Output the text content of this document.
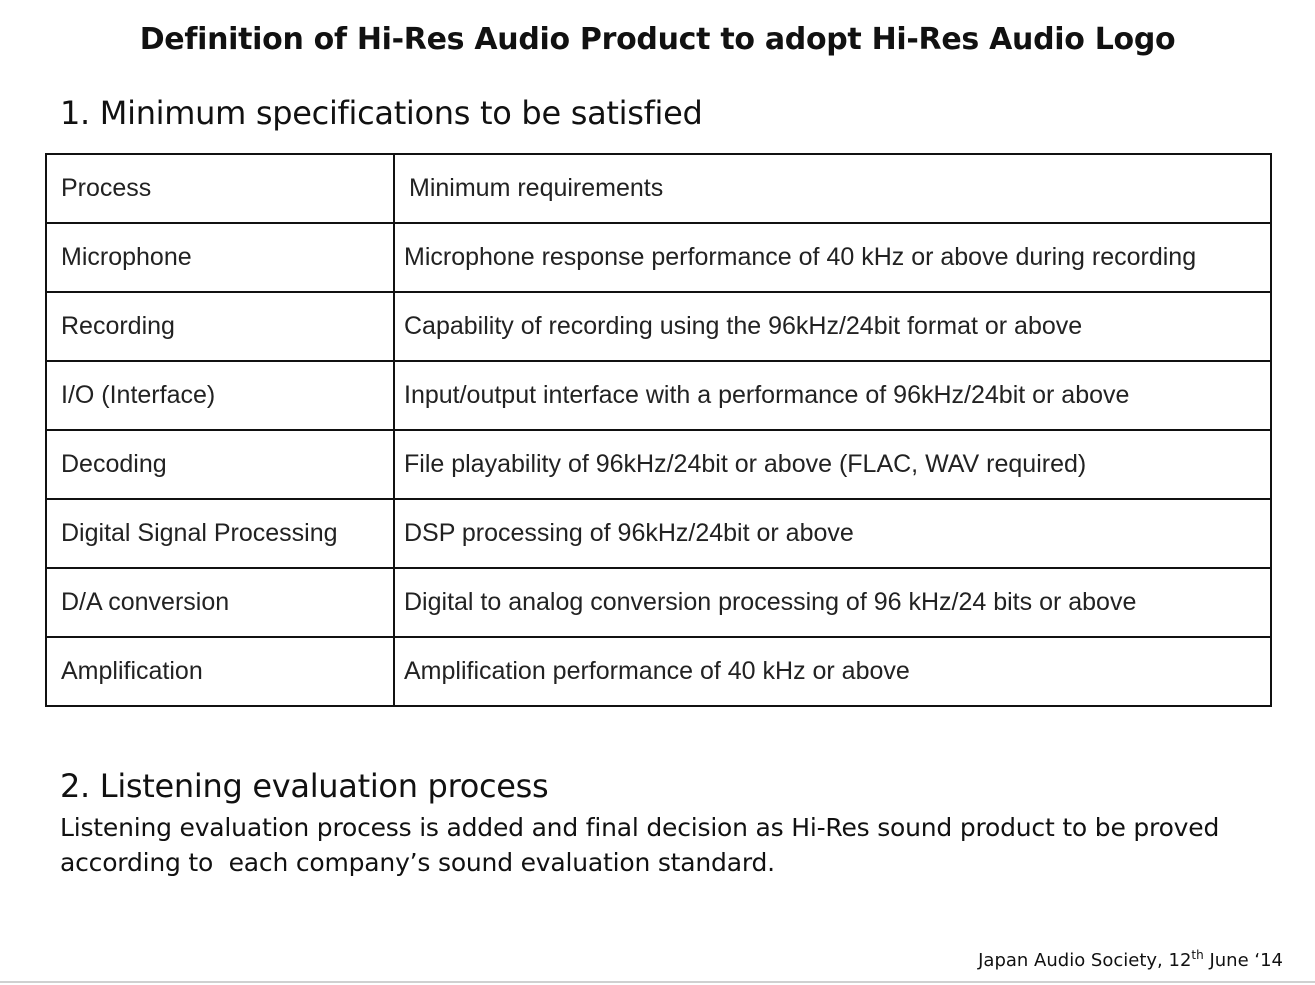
Definition of Hi-Res Audio Product to adopt Hi-Res Audio Logo
1. Minimum specifications to be satisfied
Process	Minimum requirements
Microphone	Microphone response performance of 40 kHz or above during recording
Recording	Capability of recording using the 96kHz/24bit format or above
I/O (Interface)	Input/output interface with a performance of 96kHz/24bit or above
Decoding	File playability of 96kHz/24bit or above (FLAC, WAV required)
Digital Signal Processing	DSP processing of 96kHz/24bit or above
D/A conversion	Digital to analog conversion processing of 96 kHz/24 bits or above
Amplification	Amplification performance of 40 kHz or above
2. Listening evaluation process
Listening evaluation process is added and final decision as Hi-Res sound product to be proved
according to  each company’s sound evaluation standard.
Japan Audio Society, 12th June ‘14
